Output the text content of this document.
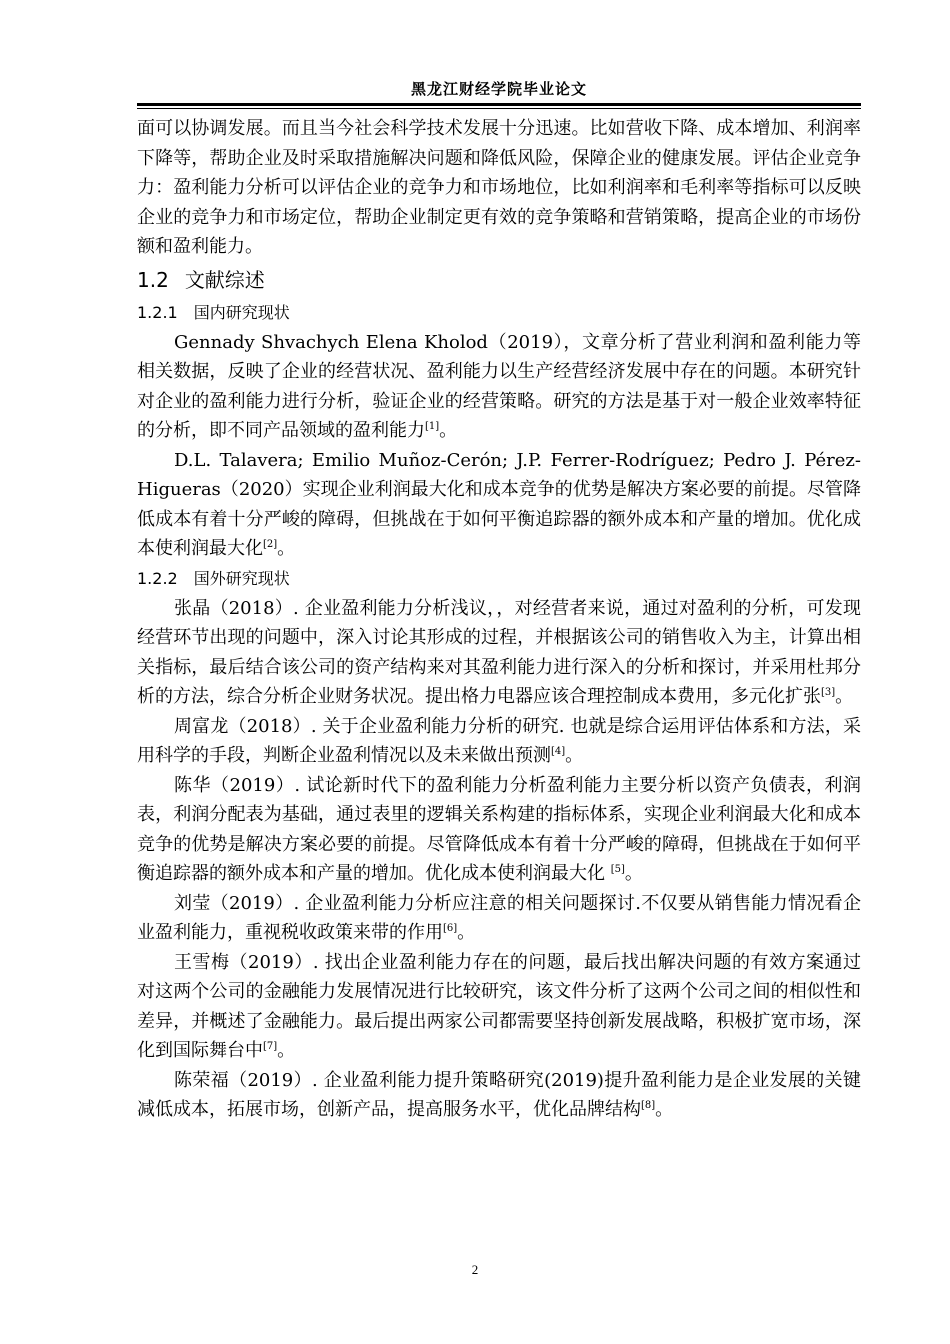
黑龙江财经学院毕业论文

面可以协调发展。而且当今社会科学技术发展十分迅速。比如营收下降、成本增加、利润率下降等，帮助企业及时采取措施解决问题和降低风险，保障企业的健康发展。评估企业竞争力：盈利能力分析可以评估企业的竞争力和市场地位，比如利润率和毛利率等指标可以反映企业的竞争力和市场定位，帮助企业制定更有效的竞争策略和营销策略，提高企业的市场份额和盈利能力。

1.2 文献综述

1.2.1 国内研究现状

Gennady Shvachych Elena Kholod（2019），文章分析了营业利润和盈利能力等相关数据，反映了企业的经营状况、盈利能力以生产经营经济发展中存在的问题。本研究针对企业的盈利能力进行分析，验证企业的经营策略。研究的方法是基于对一般企业效率特征的分析，即不同产品领域的盈利能力[1]。

D.L. Talavera; Emilio Muñoz-Cerón; J.P. Ferrer-Rodríguez; Pedro J. Pérez-Higueras（2020）实现企业利润最大化和成本竞争的优势是解决方案必要的前提。尽管降低成本有着十分严峻的障碍，但挑战在于如何平衡追踪器的额外成本和产量的增加。优化成本使利润最大化[2]。

1.2.2 国外研究现状

张晶（2018）. 企业盈利能力分析浅议，，对经营者来说，通过对盈利的分析，可发现经营环节出现的问题中，深入讨论其形成的过程，并根据该公司的销售收入为主，计算出相关指标，最后结合该公司的资产结构来对其盈利能力进行深入的分析和探讨，并采用杜邦分析的方法，综合分析企业财务状况。提出格力电器应该合理控制成本费用，多元化扩张[3]。

周富龙（2018）. 关于企业盈利能力分析的研究. 也就是综合运用评估体系和方法，采用科学的手段，判断企业盈利情况以及未来做出预测[4]。

陈华（2019）. 试论新时代下的盈利能力分析盈利能力主要分析以资产负债表，利润表，利润分配表为基础，通过表里的逻辑关系构建的指标体系，实现企业利润最大化和成本竞争的优势是解决方案必要的前提。尽管降低成本有着十分严峻的障碍，但挑战在于如何平衡追踪器的额外成本和产量的增加。优化成本使利润最大化 [5]。

刘莹（2019）. 企业盈利能力分析应注意的相关问题探讨.不仅要从销售能力情况看企业盈利能力，重视税收政策来带的作用[6]。

王雪梅（2019）. 找出企业盈利能力存在的问题，最后找出解决问题的有效方案通过对这两个公司的金融能力发展情况进行比较研究，该文件分析了这两个公司之间的相似性和差异，并概述了金融能力。最后提出两家公司都需要坚持创新发展战略，积极扩宽市场，深化到国际舞台中[7]。

陈荣福（2019）. 企业盈利能力提升策略研究(2019)提升盈利能力是企业发展的关键减低成本，拓展市场，创新产品，提高服务水平，优化品牌结构[8]。

2
